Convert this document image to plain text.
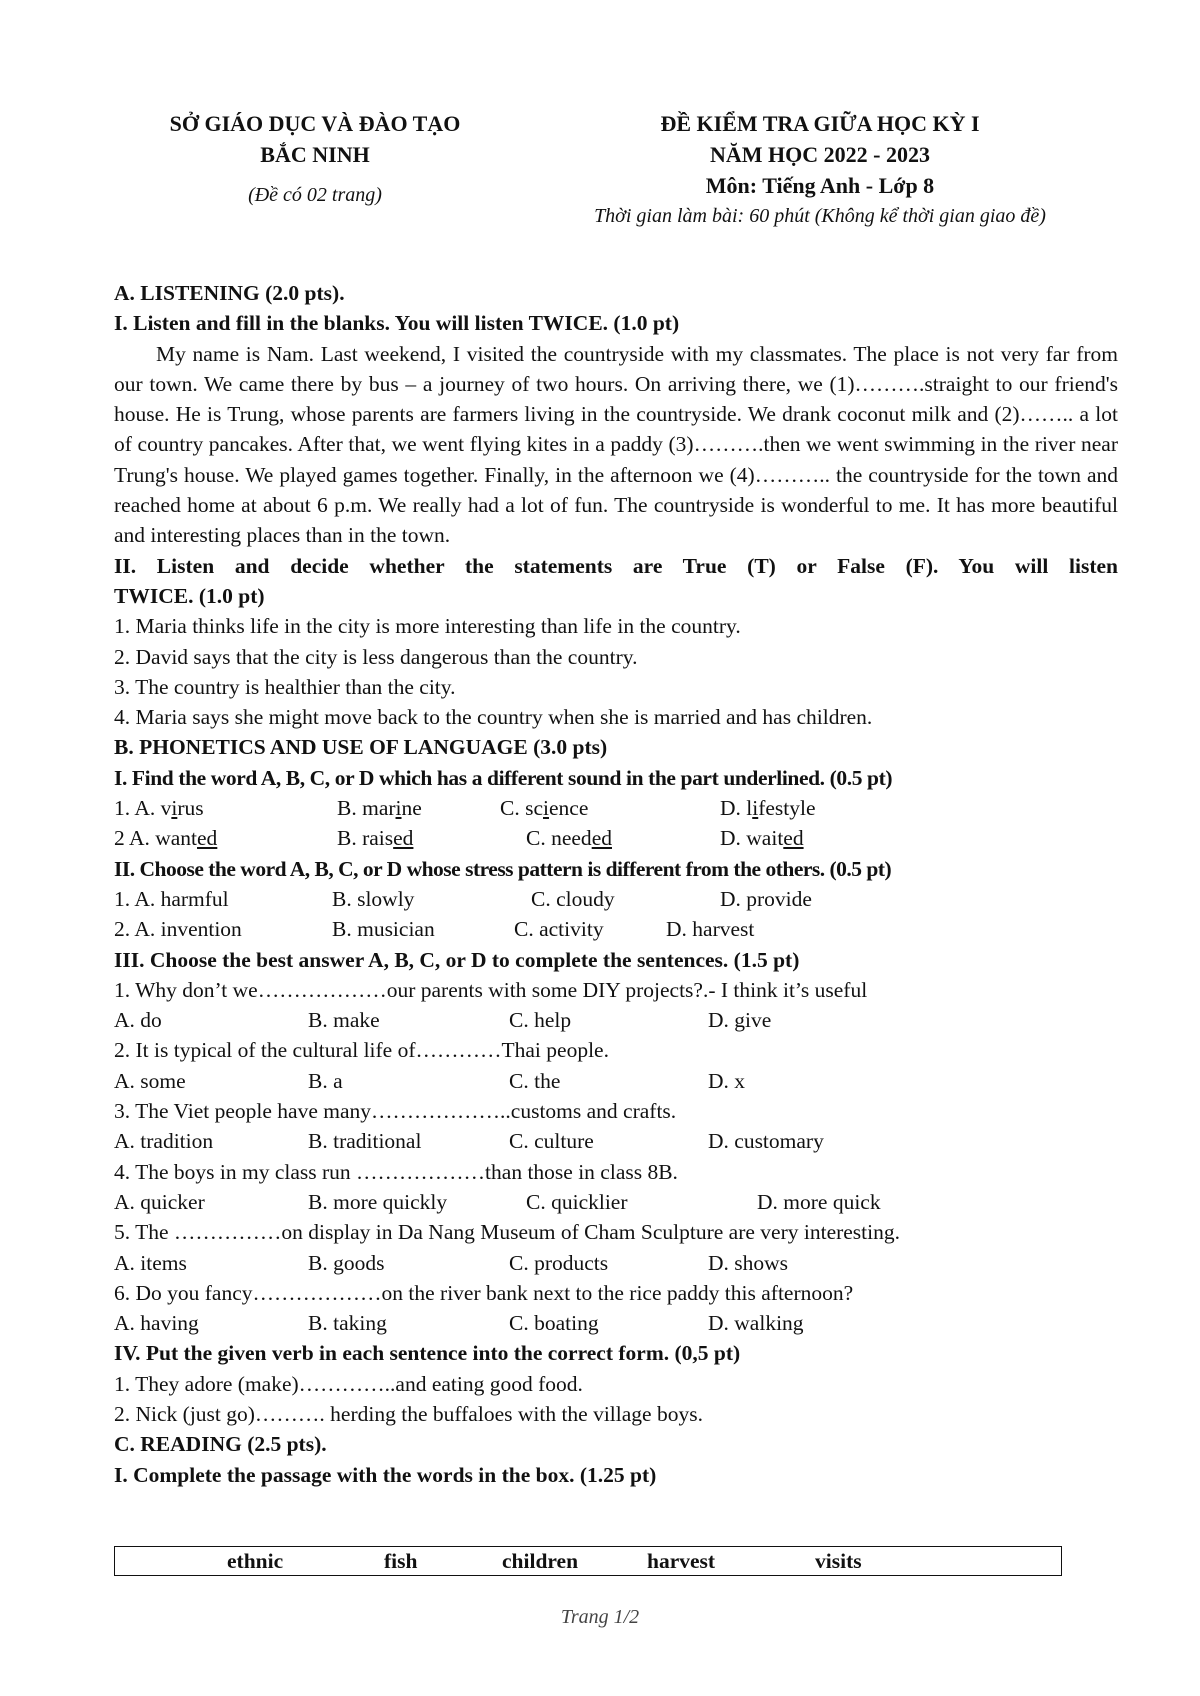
SỞ GIÁO DỤC VÀ ĐÀO TẠO
BẮC NINH
(Đề có 02 trang)
ĐỀ KIỂM TRA GIỮA HỌC KỲ I
NĂM HỌC 2022 - 2023
Môn: Tiếng Anh - Lớp 8
Thời gian làm bài: 60 phút (Không kể thời gian giao đề)
A. LISTENING (2.0 pts).
I. Listen and fill in the blanks. You will listen TWICE. (1.0 pt)
My name is Nam. Last weekend, I visited the countryside with my classmates. The place is not very far from our town. We came there by bus – a journey of two hours. On arriving there, we (1)……….straight to our friend's house. He is Trung, whose parents are farmers living in the countryside. We drank coconut milk and (2)…….. a lot of country pancakes. After that, we went flying kites in a paddy (3)……….then we went swimming in the river near Trung's house. We played games together. Finally, in the afternoon we (4)……….. the countryside for the town and reached home at about 6 p.m. We really had a lot of fun. The countryside is wonderful to me. It has more beautiful and interesting places than in the town.
II. Listen and decide whether the statements are True (T) or False (F). You will listen
TWICE. (1.0 pt)
1. Maria thinks life in the city is more interesting than life in the country.
2. David says that the city is less dangerous than the country.
3. The country is healthier than the city.
4. Maria says she might move back to the country when she is married and has children.
B. PHONETICS AND USE OF LANGUAGE (3.0 pts)
I. Find the word A, B, C, or D which has a different sound in the part underlined. (0.5 pt)
1. A. virus	B. marine	C. science	D. lifestyle
2 A. wanted	B. raised	C. needed	D. waited
II. Choose the word A, B, C, or D whose stress pattern is different from the others. (0.5 pt)
1. A. harmful	B. slowly	C. cloudy	D. provide
2. A. invention	B. musician	C. activity	D. harvest
III. Choose the best answer A, B, C, or D to complete the sentences. (1.5 pt)
1. Why don’t we………………our parents with some DIY projects?.- I think it’s useful
A. do	B. make	C. help	D. give
2. It is typical of the cultural life of…………Thai people.
A. some	B. a	C. the	D. x
3. The Viet people have many………………..customs and crafts.
A. tradition	B. traditional	C. culture	D. customary
4. The boys in my class run ………………than those in class 8B.
A. quicker	B. more quickly	C. quicklier	D. more quick
5. The ……………on display in Da Nang Museum of Cham Sculpture are very interesting.
A. items	B. goods	C. products	D. shows
6. Do you fancy………………on the river bank next to the rice paddy this afternoon?
A. having	B. taking	C. boating	D. walking
IV. Put the given verb in each sentence into the correct form. (0,5 pt)
1. They adore (make)…………..and eating good food.
2. Nick (just go)………. herding the buffaloes with the village boys.
C. READING (2.5 pts).
I. Complete the passage with the words in the box. (1.25 pt)
ethnic	fish	children	harvest	visits
Trang 1/2
